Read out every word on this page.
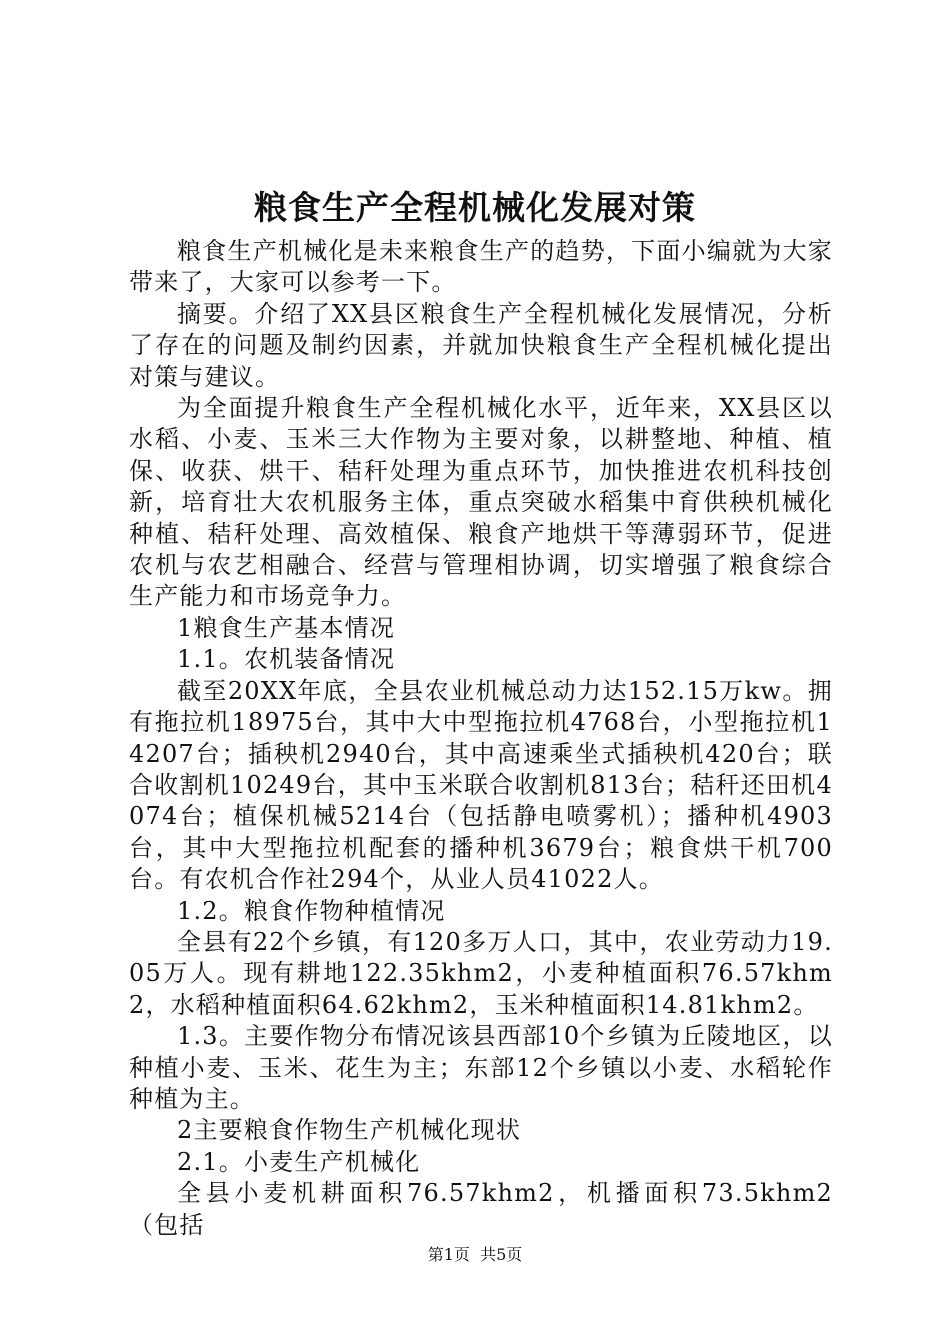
粮食生产全程机械化发展对策

粮食生产机械化是未来粮食生产的趋势，下面小编就为大家带来了，大家可以参考一下。

摘要。介绍了XX县区粮食生产全程机械化发展情况，分析了存在的问题及制约因素，并就加快粮食生产全程机械化提出对策与建议。

为全面提升粮食生产全程机械化水平，近年来，XX县区以水稻、小麦、玉米三大作物为主要对象，以耕整地、种植、植保、收获、烘干、秸秆处理为重点环节，加快推进农机科技创新，培育壮大农机服务主体，重点突破水稻集中育供秧机械化种植、秸秆处理、高效植保、粮食产地烘干等薄弱环节，促进农机与农艺相融合、经营与管理相协调，切实增强了粮食综合生产能力和市场竞争力。

1粮食生产基本情况

1.1。农机装备情况

截至20XX年底，全县农业机械总动力达152.15万kw。拥有拖拉机18975台，其中大中型拖拉机4768台，小型拖拉机14207台；插秧机2940台，其中高速乘坐式插秧机420台；联合收割机10249台，其中玉米联合收割机813台；秸秆还田机4074台；植保机械5214台（包括静电喷雾机）；播种机4903台，其中大型拖拉机配套的播种机3679台；粮食烘干机700台。有农机合作社294个，从业人员41022人。

1.2。粮食作物种植情况

全县有22个乡镇，有120多万人口，其中，农业劳动力19.05万人。现有耕地122.35khm2，小麦种植面积76.57khm2，水稻种植面积64.62khm2，玉米种植面积14.81khm2。

1.3。主要作物分布情况该县西部10个乡镇为丘陵地区，以种植小麦、玉米、花生为主；东部12个乡镇以小麦、水稻轮作种植为主。

2主要粮食作物生产机械化现状

2.1。小麦生产机械化

全县小麦机耕面积76.57khm2，机播面积73.5khm2（包括

第1页 共5页
